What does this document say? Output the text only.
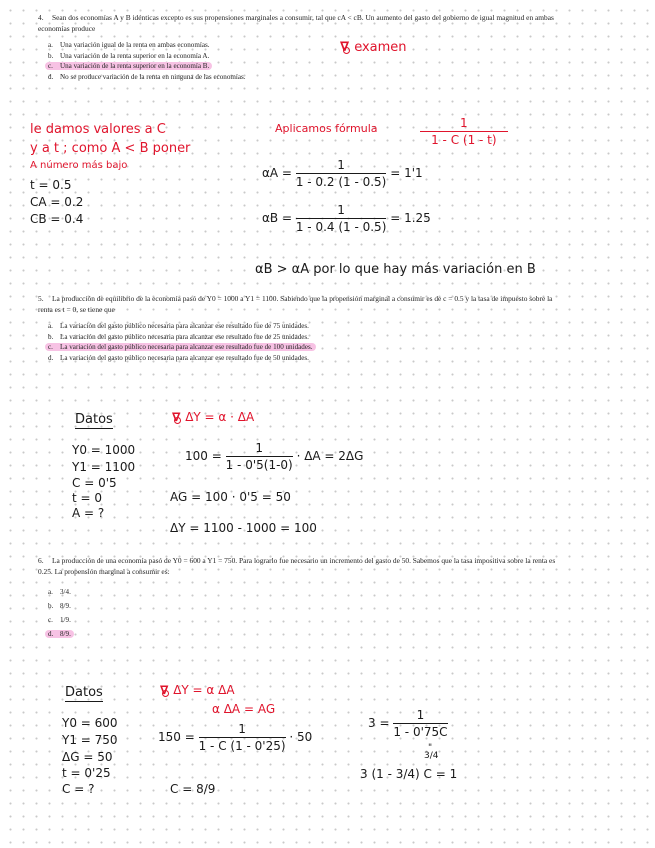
4. Sean dos economías A y B idénticas excepto es sus propensiones marginales a consumir, tal que cA < cB. Un aumento del gasto del gobierno de igual magnitud en ambas economías produce

a. Una variación igual de la renta en ambas economías.

b. Una variación de la renta superior en la economía A.

c. Una variación de la renta superior en la economía B.

d. No se produce variación de la renta en ninguna de las economías.

∇ examen
le damos valores a C
y a t ; como A < B poner
A número más bajo
Aplicamos fórmula	$\frac{1}{1 - C (1 - t)}$
t = 0.5
CA = 0.2
CB = 0.4
$\alpha A = \frac{1}{1 - 0.2 (1 - 0.5)} = 1'1$
$\alpha B = \frac{1}{1 - 0.4 (1 - 0.5)} = 1.25$
αB > αA por lo que hay más variación en B

5. La producción de equilibrio de la economía pasó de Y0 = 1000 a Y1 = 1100. Sabiendo que la propensión marginal a consumir es de c = 0.5 y la tasa de impuesto sobre la renta es t = 0, se tiene que

a. La variación del gasto público necesaria para alcanzar ese resultado fue de 75 unidades.

b. La variación del gasto público necesaria para alcanzar ese resultado fue de 25 unidades.

c. La variación del gasto público necesaria para alcanzar ese resultado fue de 100 unidades.

d. La variación del gasto público necesaria para alcanzar ese resultado fue de 50 unidades.

Datos	∇ ΔY = α · ΔA
Y0 = 1000
Y1 = 1100
C = 0'5
t = 0
A = ?
$100 = \frac{1}{1 - 0'5(1-0)} \cdot \Delta A = 2\Delta G$
AG = 100 · 0'5 = 50
ΔY = 1100 - 1000 = 100

6. La producción de una economía pasó de Y0 = 600 a Y1 = 750. Para lograrlo fue necesario un incremento del gasto de 50. Sabemos que la tasa impositiva sobre la renta es 0.25. La propensión marginal a consumir es:

a. 3/4.

b. 8/9.

c. 1/9.

d. 8/9.

Datos	∇ ΔY = α ΔA
α ΔA = AG
Y0 = 600
Y1 = 750
ΔG = 50
t = 0'25
C = ?
$150 = \frac{1}{1 - C (1 - 0'25)} \cdot 50$
C = 8/9
$3 = \frac{1}{1 - 0'75C}$
"
3/4
3 (1 - 3/4) C = 1
